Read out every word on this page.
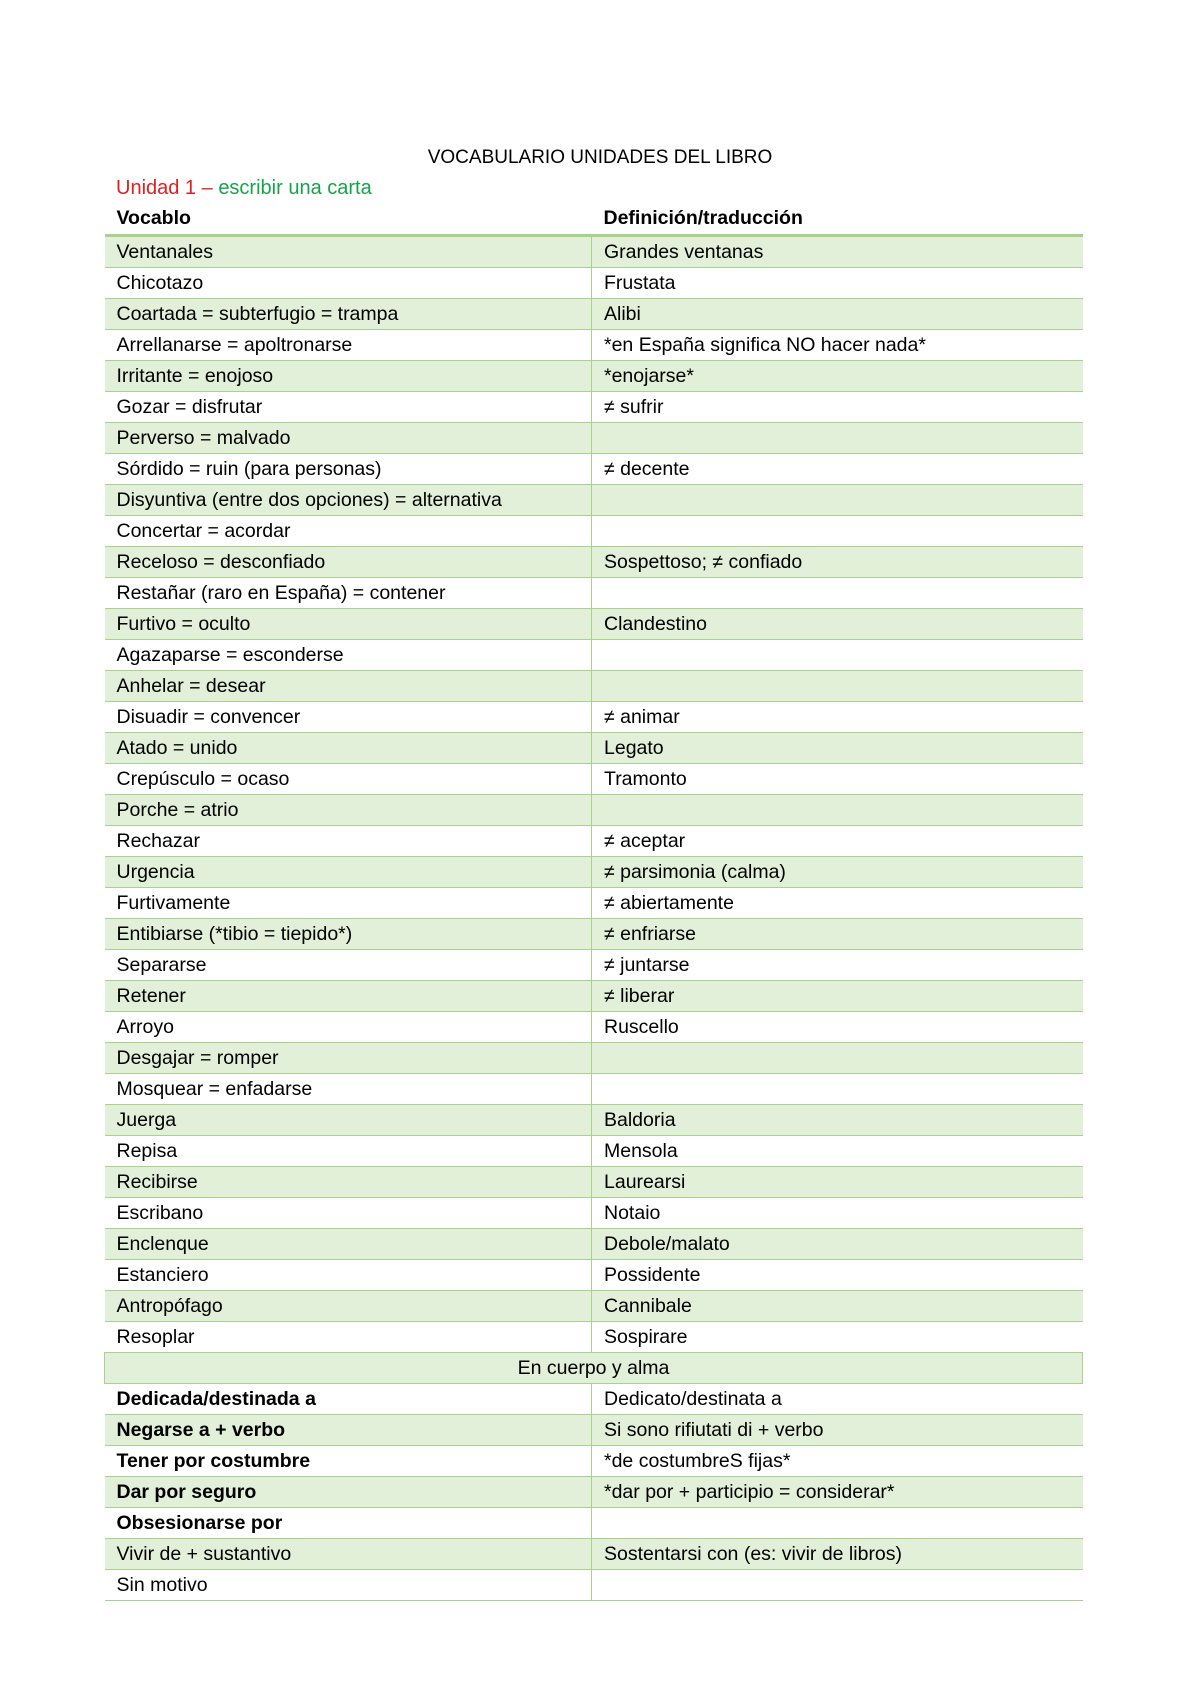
VOCABULARIO UNIDADES DEL LIBRO
Unidad 1 – escribir una carta
Vocablo	Definición/traducción
Ventanales	Grandes ventanas
Chicotazo	Frustata
Coartada = subterfugio = trampa	Alibi
Arrellanarse = apoltronarse	*en España significa NO hacer nada*
Irritante = enojoso	*enojarse*
Gozar = disfrutar	≠ sufrir
Perverso = malvado	
Sórdido = ruin (para personas)	≠ decente
Disyuntiva (entre dos opciones) = alternativa	
Concertar = acordar	
Receloso = desconfiado	Sospettoso; ≠ confiado
Restañar (raro en España) = contener	
Furtivo = oculto	Clandestino
Agazaparse = esconderse	
Anhelar = desear	
Disuadir = convencer	≠ animar
Atado = unido	Legato
Crepúsculo = ocaso	Tramonto
Porche = atrio	
Rechazar	≠ aceptar
Urgencia	≠ parsimonia (calma)
Furtivamente	≠ abiertamente
Entibiarse (*tibio = tiepido*)	≠ enfriarse
Separarse	≠ juntarse
Retener	≠ liberar
Arroyo	Ruscello
Desgajar = romper	
Mosquear = enfadarse	
Juerga	Baldoria
Repisa	Mensola
Recibirse	Laurearsi
Escribano	Notaio
Enclenque	Debole/malato
Estanciero	Possidente
Antropófago	Cannibale
Resoplar	Sospirare
En cuerpo y alma	
Dedicada/destinada a	Dedicato/destinata a
Negarse a + verbo	Si sono rifiutati di + verbo
Tener por costumbre	*de costumbreS fijas*
Dar por seguro	*dar por + participio = considerar*
Obsesionarse por	
Vivir de + sustantivo	Sostentarsi con (es: vivir de libros)
Sin motivo	
